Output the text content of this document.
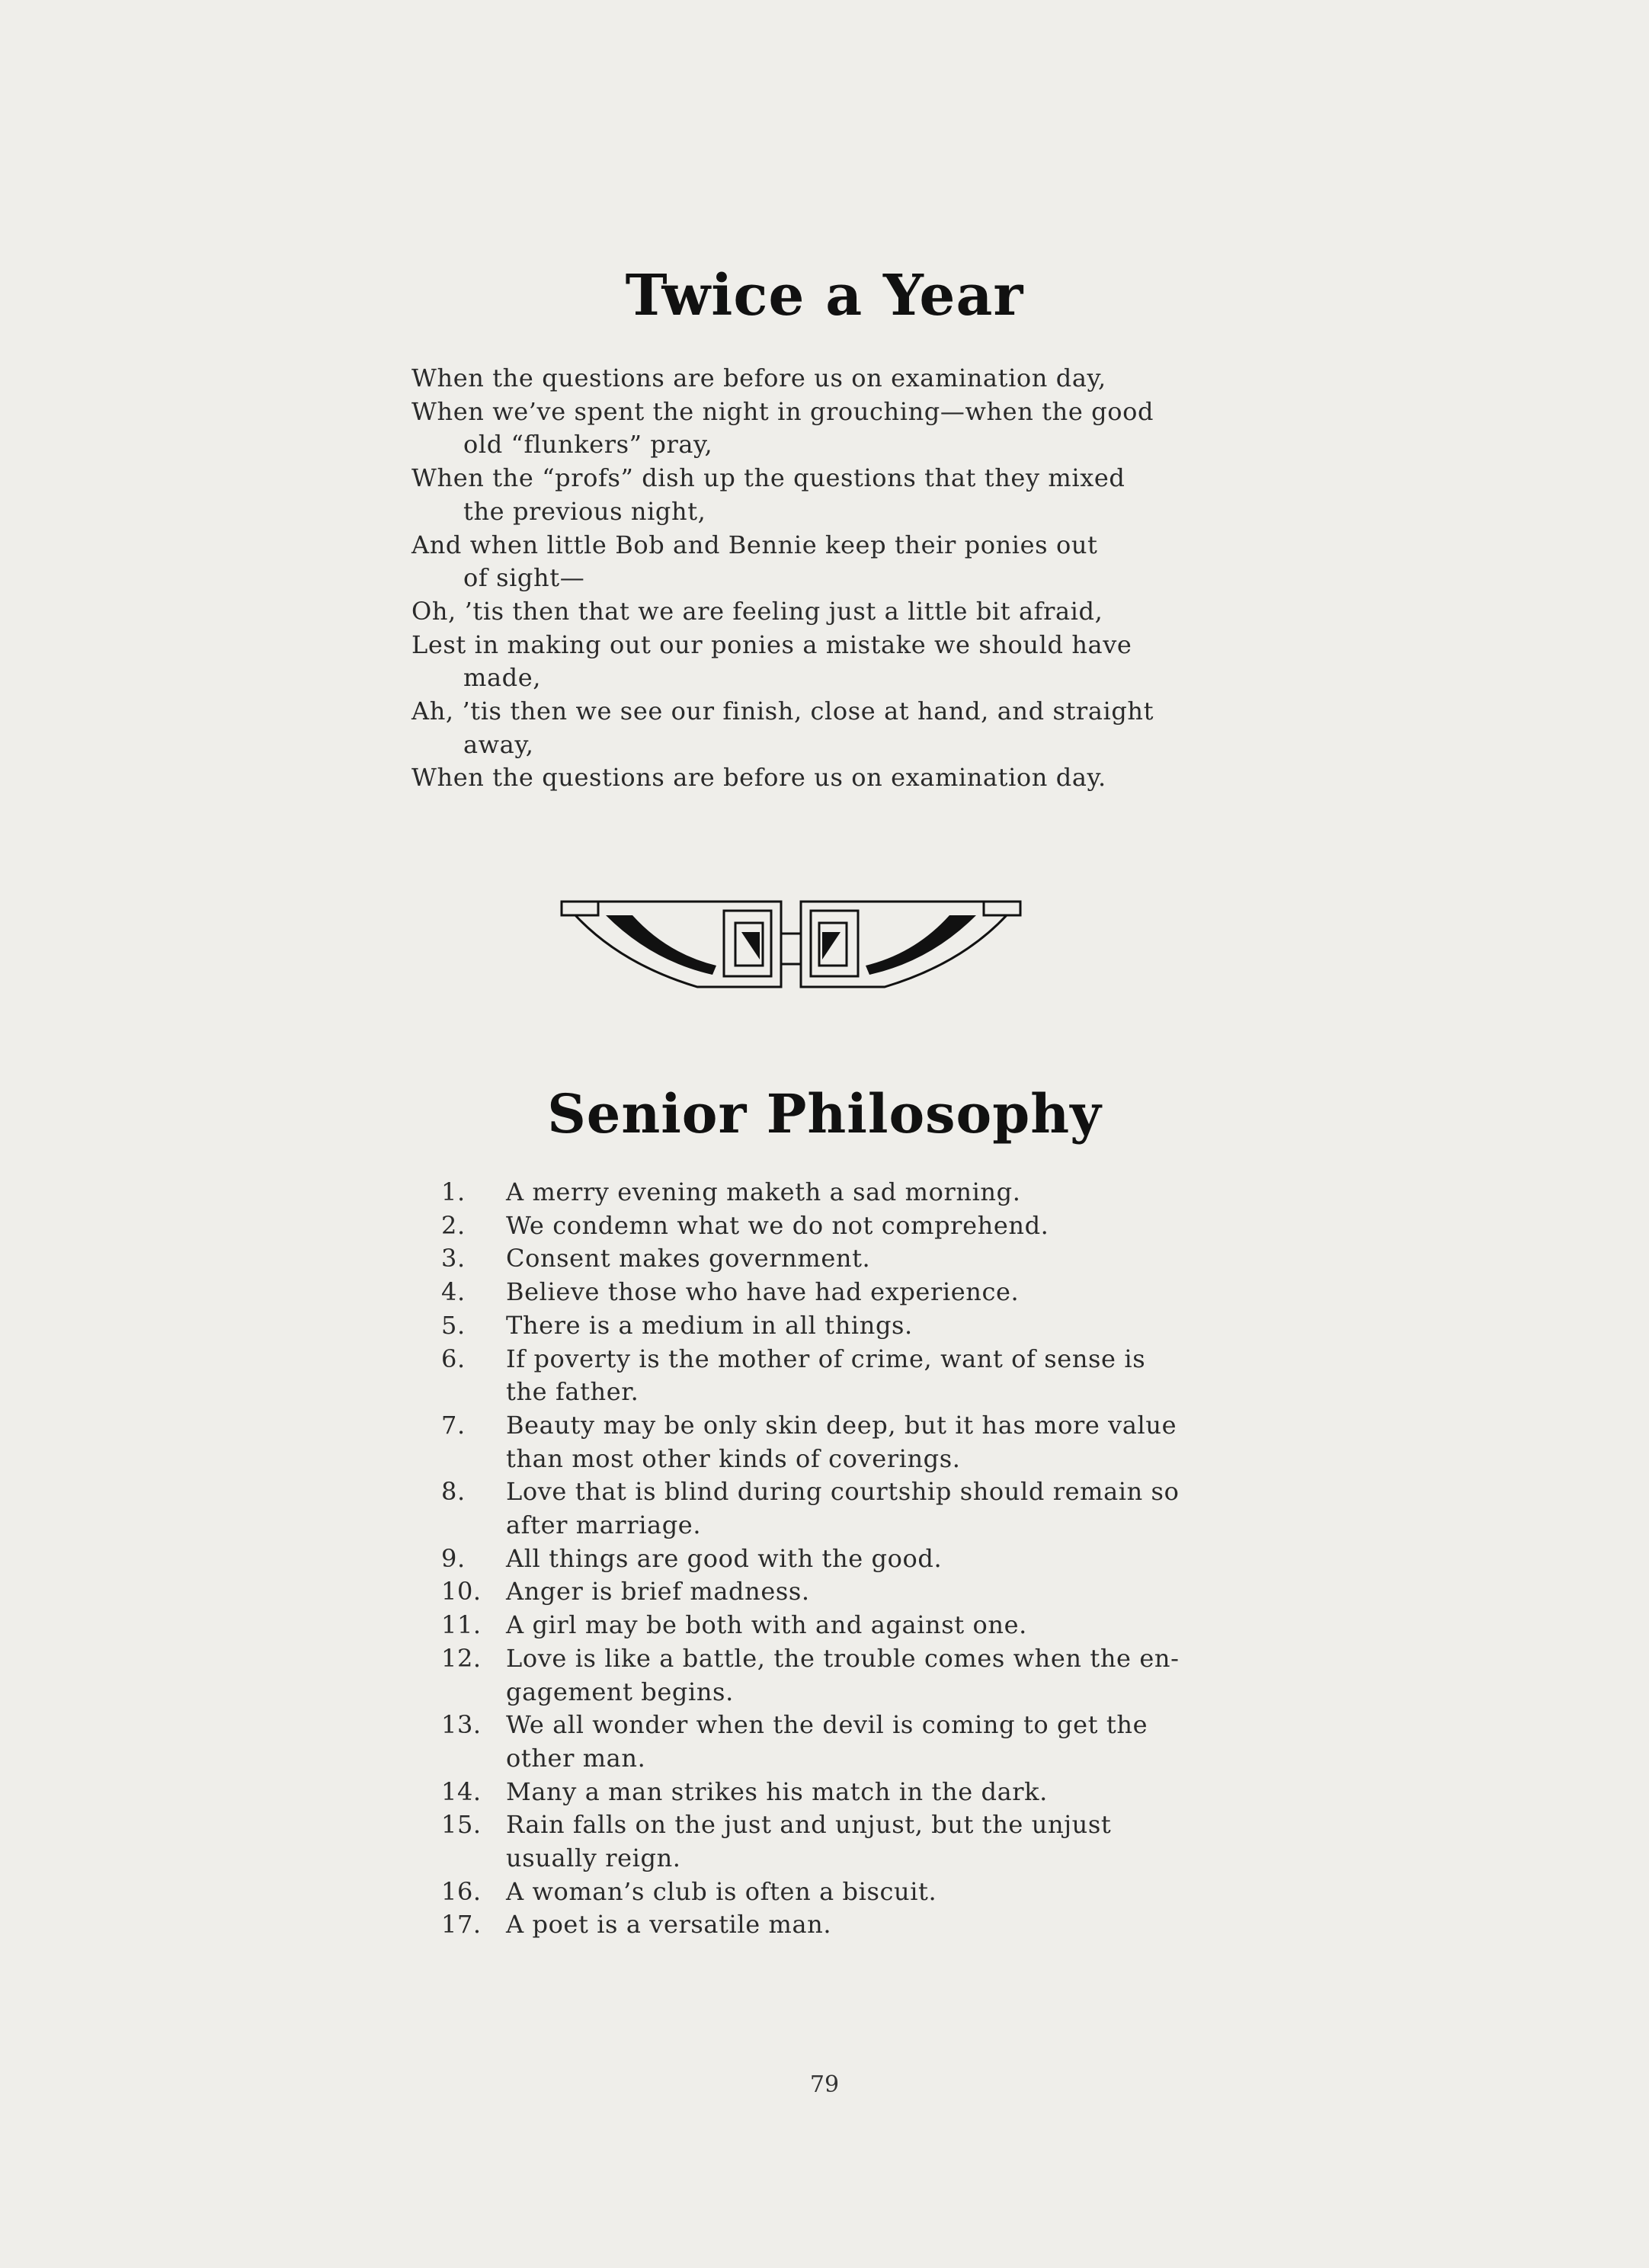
Twice a Year
When the questions are before us on examination day,
When we’ve spent the night in grouching—when the good
old “flunkers” pray,
When the “profs” dish up the questions that they mixed
the previous night,
And when little Bob and Bennie keep their ponies out
of sight—
Oh, ’tis then that we are feeling just a little bit afraid,
Lest in making out our ponies a mistake we should have
made,
Ah, ’tis then we see our finish, close at hand, and straight
away,
When the questions are before us on examination day.
Senior Philosophy
1.	A merry evening maketh a sad morning.
2.	We condemn what we do not comprehend.
3.	Consent makes government.
4.	Believe those who have had experience.
5.	There is a medium in all things.
6.	If poverty is the mother of crime, want of sense is
the father.
7.	Beauty may be only skin deep, but it has more value
than most other kinds of coverings.
8.	Love that is blind during courtship should remain so
after marriage.
9.	All things are good with the good.
10. Anger is brief madness.
11. A girl may be both with and against one.
12. Love is like a battle, the trouble comes when the en-
gagement begins.
13. We all wonder when the devil is coming to get the
other man.
14. Many a man strikes his match in the dark.
15. Rain falls on the just and unjust, but the unjust
usually reign.
16. A woman’s club is often a biscuit.
17. A poet is a versatile man.
79
